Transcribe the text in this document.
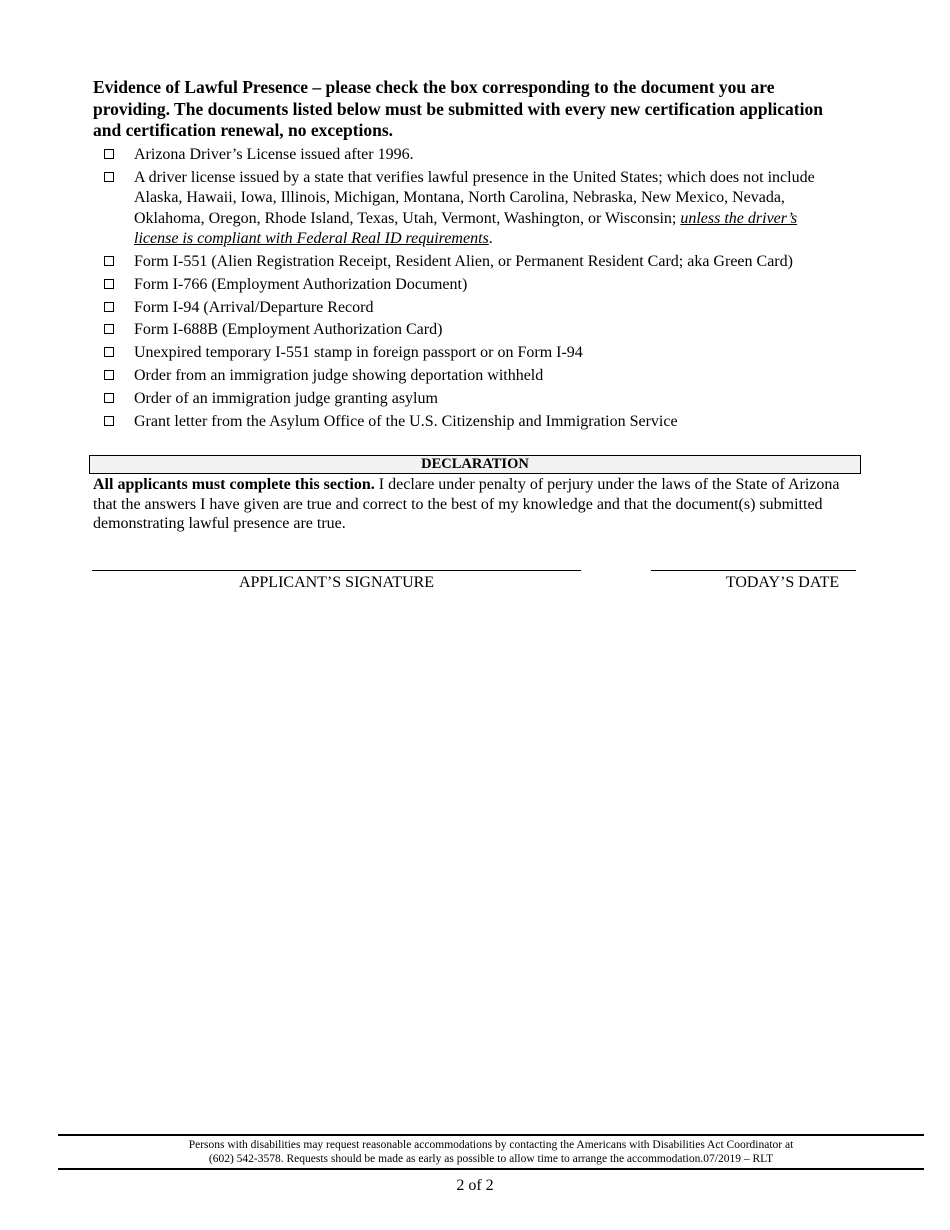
Evidence of Lawful Presence – please check the box corresponding to the document you are providing. The documents listed below must be submitted with every new certification application and certification renewal, no exceptions.
Arizona Driver’s License issued after 1996.
A driver license issued by a state that verifies lawful presence in the United States; which does not include Alaska, Hawaii, Iowa, Illinois, Michigan, Montana, North Carolina, Nebraska, New Mexico, Nevada, Oklahoma, Oregon, Rhode Island, Texas, Utah, Vermont, Washington, or Wisconsin; unless the driver’s license is compliant with Federal Real ID requirements.
Form I-551 (Alien Registration Receipt, Resident Alien, or Permanent Resident Card; aka Green Card)
Form I-766 (Employment Authorization Document)
Form I-94 (Arrival/Departure Record
Form I-688B (Employment Authorization Card)
Unexpired temporary I-551 stamp in foreign passport or on Form I-94
Order from an immigration judge showing deportation withheld
Order of an immigration judge granting asylum
Grant letter from the Asylum Office of the U.S. Citizenship and Immigration Service
DECLARATION
All applicants must complete this section. I declare under penalty of perjury under the laws of the State of Arizona that the answers I have given are true and correct to the best of my knowledge and that the document(s) submitted demonstrating lawful presence are true.
APPLICANT’S SIGNATURE	TODAY’S DATE
Persons with disabilities may request reasonable accommodations by contacting the Americans with Disabilities Act Coordinator at
(602) 542-3578. Requests should be made as early as possible to allow time to arrange the accommodation.07/2019 – RLT
2 of 2
